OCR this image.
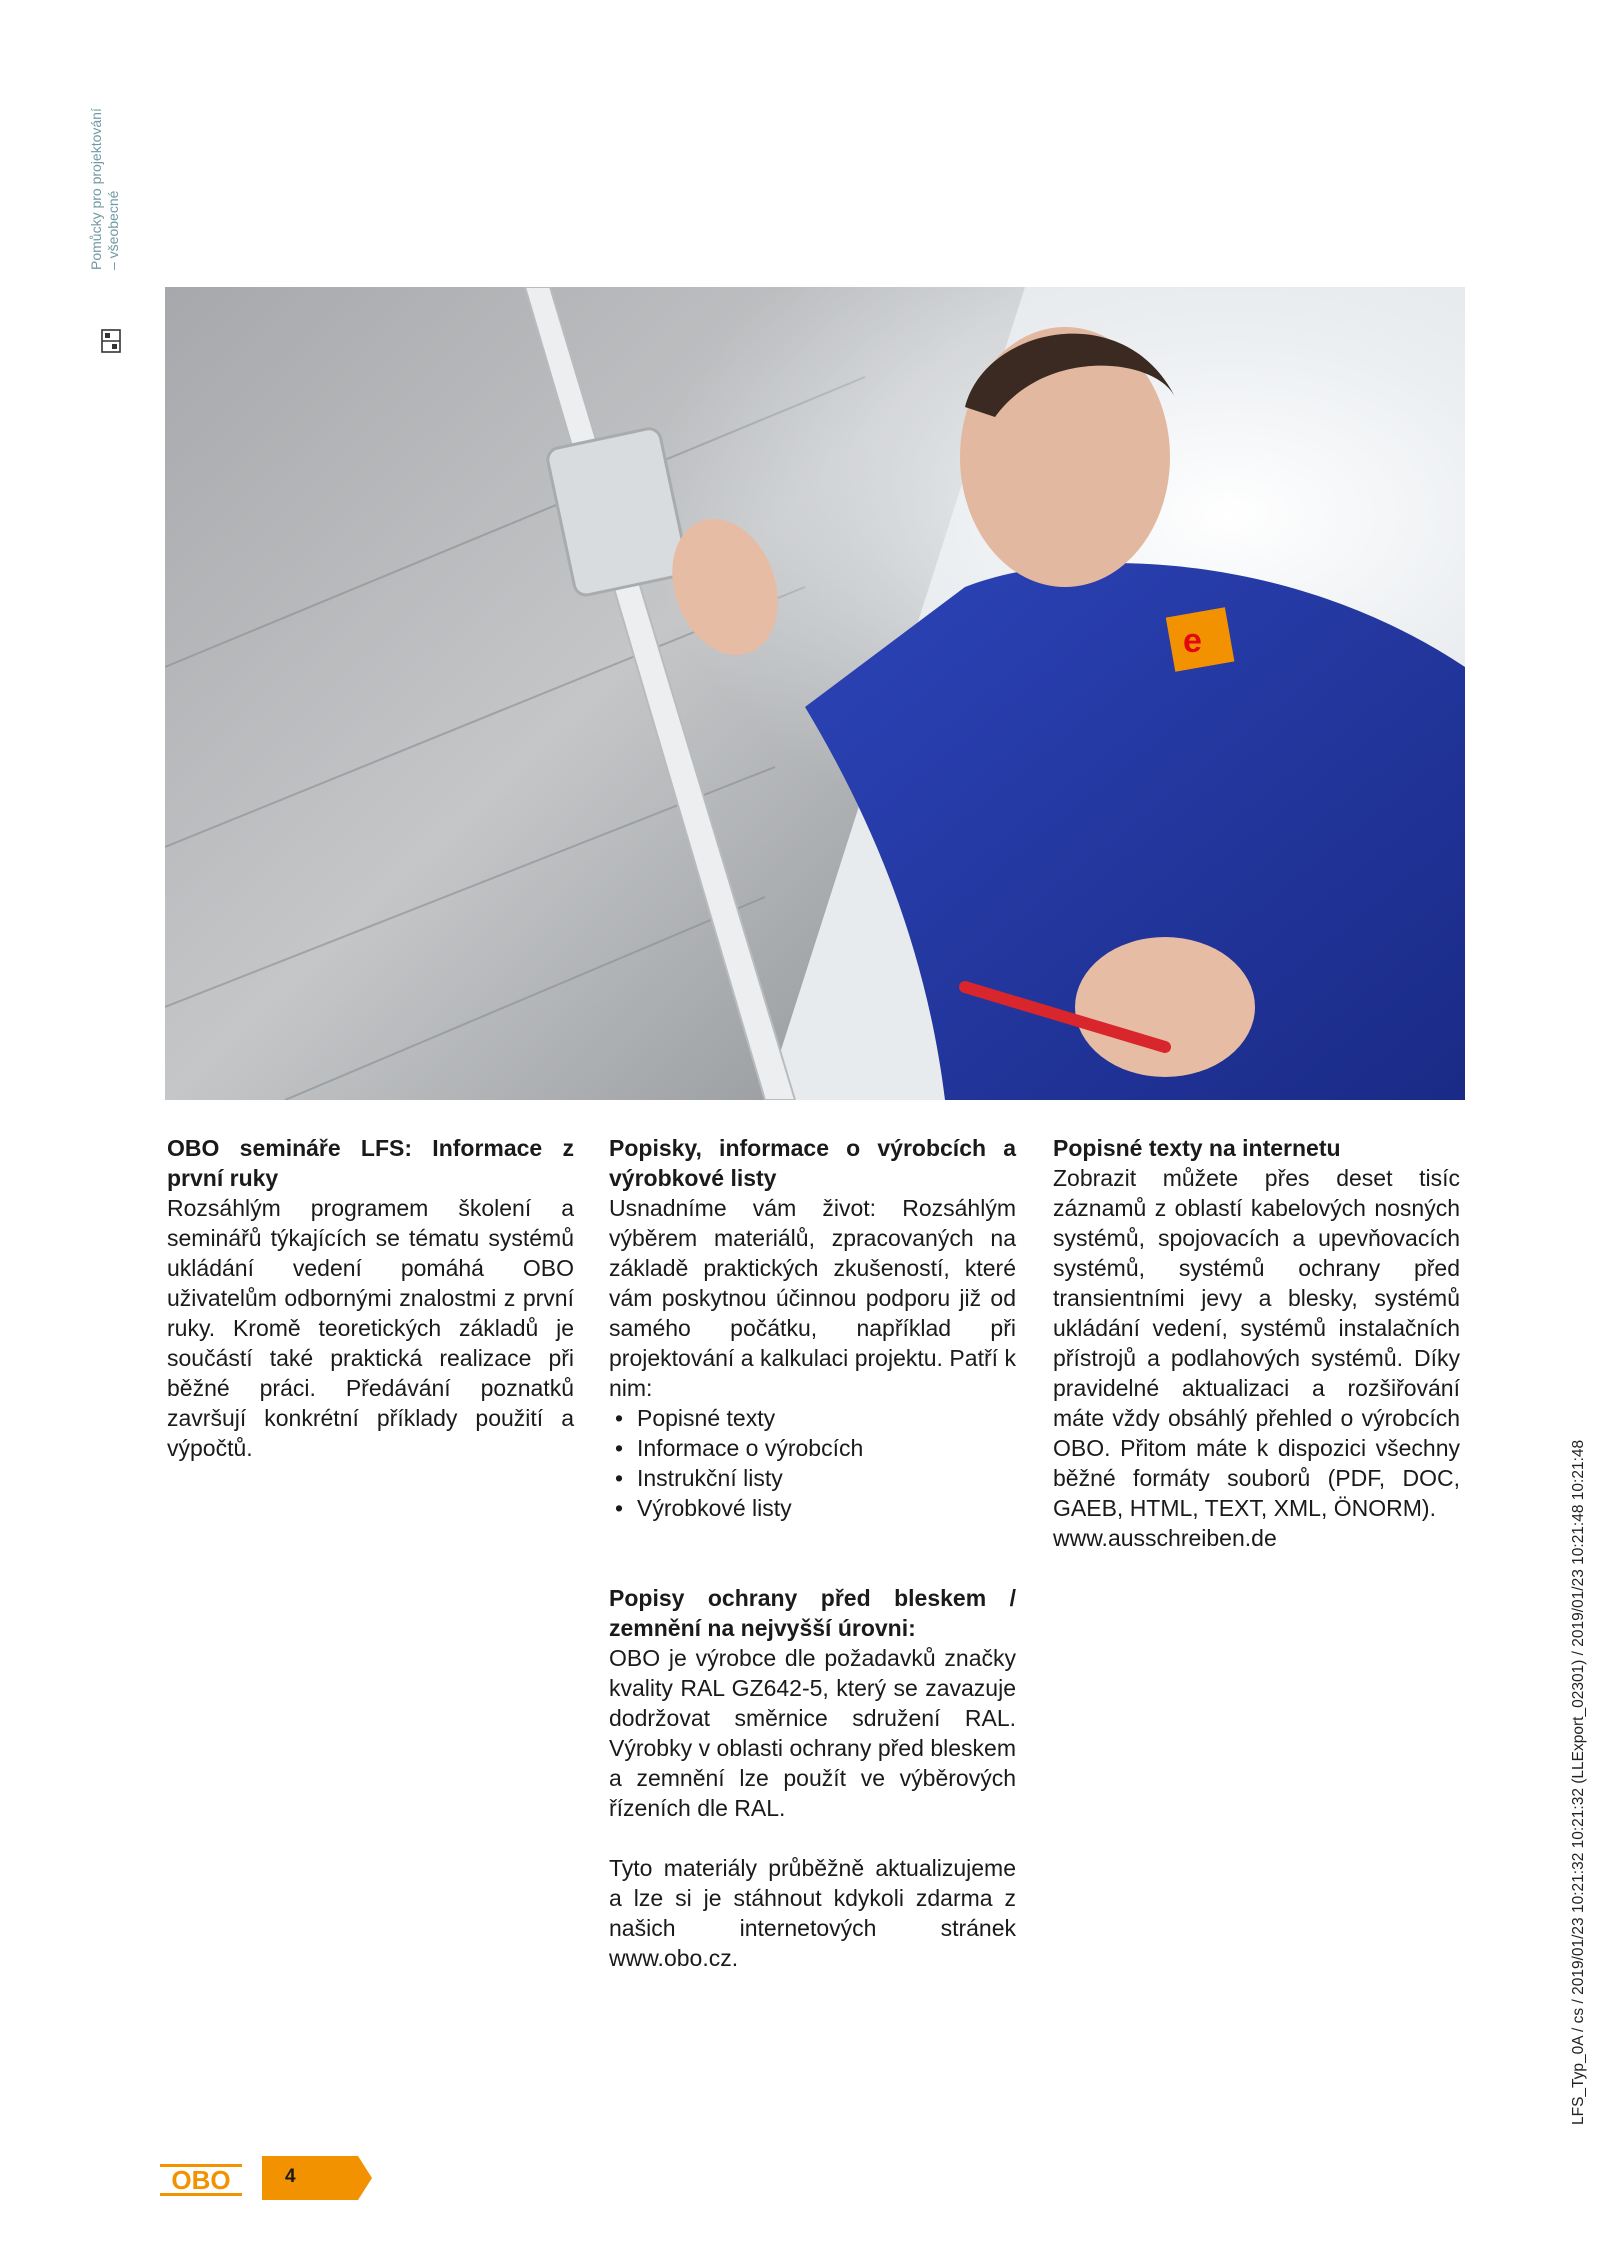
Pomůcky pro projektování – všeobecné
e
OBO semináře LFS: Informace z první ruky
Rozsáhlým programem školení a seminářů týkajících se tématu systémů ukládání vedení pomáhá OBO uživatelům odbornými znalostmi z první ruky. Kromě teoretických základů je součástí také praktická realizace při běžné práci. Předávání poznatků završují konkrétní příklady použití a výpočtů.
Popisky, informace o výrobcích a výrobkové listy
Usnadníme vám život: Rozsáhlým výběrem materiálů, zpracovaných na základě praktických zkušeností, které vám poskytnou účinnou podporu již od samého počátku, například při projektování a kalkulaci projektu. Patří k nim:
• Popisné texty
• Informace o výrobcích
• Instrukční listy
• Výrobkové listy
Popisy ochrany před bleskem / zemnění na nejvyšší úrovni:
OBO je výrobce dle požadavků značky kvality RAL GZ642-5, který se zavazuje dodržovat směrnice sdružení RAL. Výrobky v oblasti ochrany před bleskem a zemnění lze použít ve výběrových řízeních dle RAL.
Tyto materiály průběžně aktualizujeme a lze si je stáhnout kdykoli zdarma z našich internetových stránek www.obo.cz.
Popisné texty na internetu
Zobrazit můžete přes deset tisíc záznamů z oblastí kabelových nosných systémů, spojovacích a upevňovacích systémů, systémů ochrany před transientními jevy a blesky, systémů ukládání vedení, systémů instalačních přístrojů a podlahových systémů. Díky pravidelné aktualizaci a rozšiřování máte vždy obsáhlý přehled o výrobcích OBO. Přitom máte k dispozici všechny běžné formáty souborů (PDF, DOC, GAEB, HTML, TEXT, XML, ÖNORM).
www.ausschreiben.de	LFS_Typ_0A / cs / 2019/01/23 10:21:32 10:21:32 (LLExport_02301) / 2019/01/23 10:21:48 10:21:48
OBO	4
